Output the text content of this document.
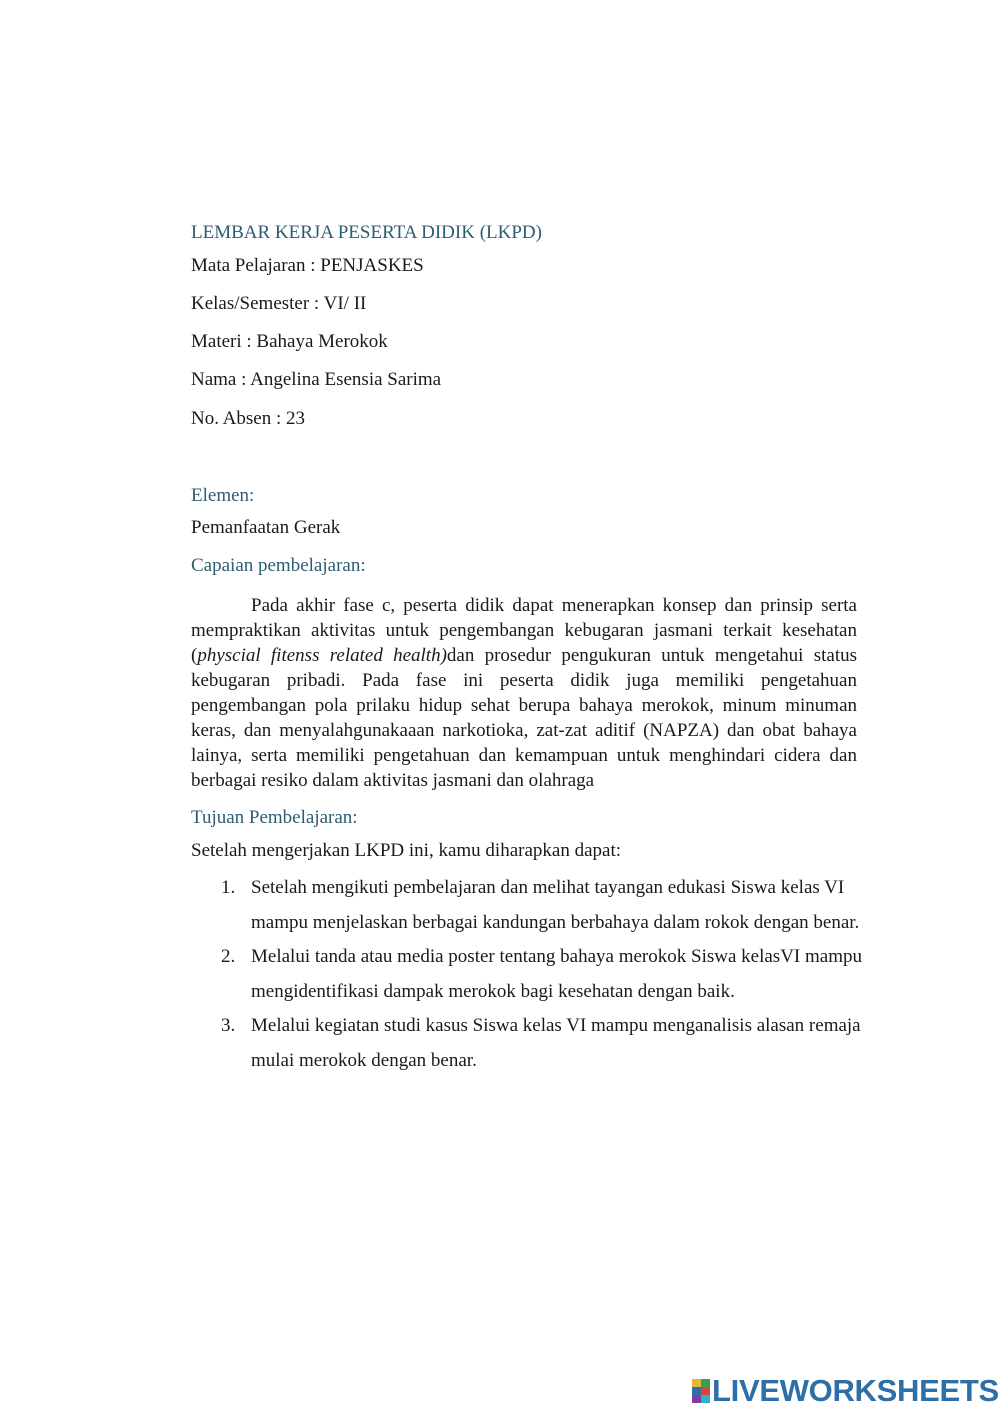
LEMBAR KERJA PESERTA DIDIK (LKPD)
Mata Pelajaran : PENJASKES
Kelas/Semester : VI/ II
Materi : Bahaya Merokok
Nama : Angelina Esensia Sarima
No. Absen : 23
Elemen:
Pemanfaatan Gerak
Capaian pembelajaran:

Pada akhir fase c, peserta didik dapat menerapkan konsep dan prinsip serta mempraktikan aktivitas untuk pengembangan kebugaran jasmani terkait kesehatan (physcial fitenss related health)dan prosedur pengukuran untuk mengetahui status kebugaran pribadi. Pada fase ini peserta didik juga memiliki pengetahuan pengembangan pola prilaku hidup sehat berupa bahaya merokok, minum minuman keras, dan menyalahgunakaaan narkotioka, zat-zat aditif (NAPZA) dan obat bahaya lainya, serta memiliki pengetahuan dan kemampuan untuk menghindari cidera dan berbagai resiko dalam aktivitas jasmani dan olahraga

Tujuan Pembelajaran:
Setelah mengerjakan LKPD ini, kamu diharapkan dapat:
1. Setelah mengikuti pembelajaran dan melihat tayangan edukasi Siswa kelas VI mampu menjelaskan berbagai kandungan berbahaya dalam rokok dengan benar.
2. Melalui tanda atau media poster tentang bahaya merokok Siswa kelasVI mampu mengidentifikasi dampak merokok bagi kesehatan dengan baik.
3. Melalui kegiatan studi kasus Siswa kelas VI mampu menganalisis alasan remaja mulai merokok dengan benar.
LIVEWORKSHEETS
